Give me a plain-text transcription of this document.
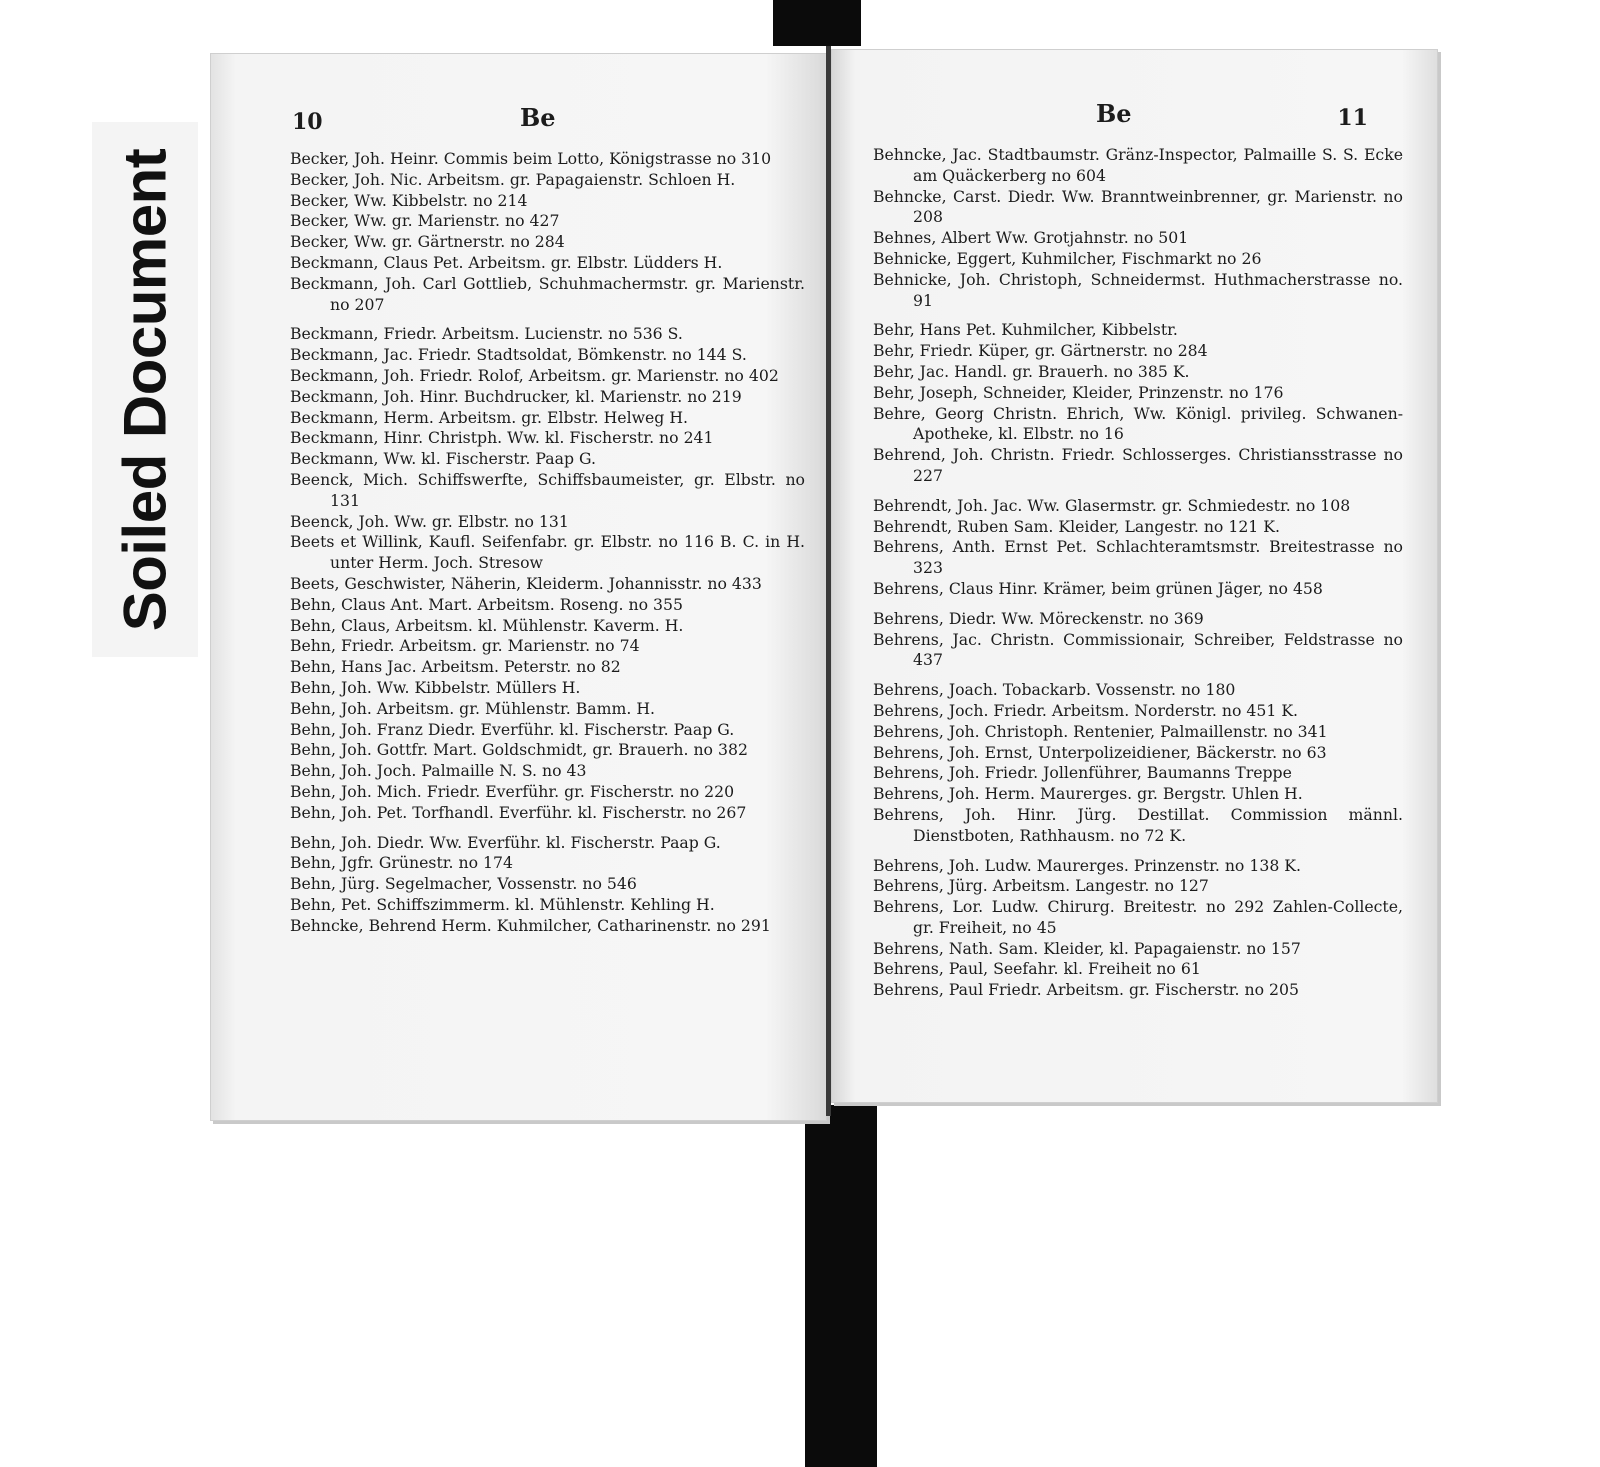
Soiled Document
10	Be
Becker, Joh. Heinr. Commis beim Lotto, Königstrasse no 310
Becker, Joh. Nic. Arbeitsm. gr. Papagaienstr. Schloen H.
Becker, Ww. Kibbelstr. no 214
Becker, Ww. gr. Marienstr. no 427
Becker, Ww. gr. Gärtnerstr. no 284
Beckmann, Claus Pet. Arbeitsm. gr. Elbstr. Lüdders H.
Beckmann, Joh. Carl Gottlieb, Schuhmachermstr. gr. Marienstr. no 207
Beckmann, Friedr. Arbeitsm. Lucienstr. no 536 S.
Beckmann, Jac. Friedr. Stadtsoldat, Bömkenstr. no 144 S.
Beckmann, Joh. Friedr. Rolof, Arbeitsm. gr. Marienstr. no 402
Beckmann, Joh. Hinr. Buchdrucker, kl. Marienstr. no 219
Beckmann, Herm. Arbeitsm. gr. Elbstr. Helweg H.
Beckmann, Hinr. Christph. Ww. kl. Fischerstr. no 241
Beckmann, Ww. kl. Fischerstr. Paap G.
Beenck, Mich. Schiffswerfte, Schiffsbaumeister, gr. Elbstr. no 131
Beenck, Joh. Ww. gr. Elbstr. no 131
Beets et Willink, Kaufl. Seifenfabr. gr. Elbstr. no 116 B. C. in H. unter Herm. Joch. Stresow
Beets, Geschwister, Näherin, Kleiderm. Johannisstr. no 433
Behn, Claus Ant. Mart. Arbeitsm. Roseng. no 355
Behn, Claus, Arbeitsm. kl. Mühlenstr. Kaverm. H.
Behn, Friedr. Arbeitsm. gr. Marienstr. no 74
Behn, Hans Jac. Arbeitsm. Peterstr. no 82
Behn, Joh. Ww. Kibbelstr. Müllers H.
Behn, Joh. Arbeitsm. gr. Mühlenstr. Bamm. H.
Behn, Joh. Franz Diedr. Everführ. kl. Fischerstr. Paap G.
Behn, Joh. Gottfr. Mart. Goldschmidt, gr. Brauerh. no 382
Behn, Joh. Joch. Palmaille N. S. no 43
Behn, Joh. Mich. Friedr. Everführ. gr. Fischerstr. no 220
Behn, Joh. Pet. Torfhandl. Everführ. kl. Fischerstr. no 267
Behn, Joh. Diedr. Ww. Everführ. kl. Fischerstr. Paap G.
Behn, Jgfr. Grünestr. no 174
Behn, Jürg. Segelmacher, Vossenstr. no 546
Behn, Pet. Schiffszimmerm. kl. Mühlenstr. Kehling H.
Behncke, Behrend Herm. Kuhmilcher, Catharinenstr. no 291
11
Be
Behncke, Jac. Stadtbaumstr. Gränz-Inspector, Palmaille S. S. Ecke am Quäckerberg no 604
Behncke, Carst. Diedr. Ww. Branntweinbrenner, gr. Marienstr. no 208
Behnes, Albert Ww. Grotjahnstr. no 501
Behnicke, Eggert, Kuhmilcher, Fischmarkt no 26
Behnicke, Joh. Christoph, Schneidermst. Huthmacherstrasse no. 91
Behr, Hans Pet. Kuhmilcher, Kibbelstr.
Behr, Friedr. Küper, gr. Gärtnerstr. no 284
Behr, Jac. Handl. gr. Brauerh. no 385 K.
Behr, Joseph, Schneider, Kleider, Prinzenstr. no 176
Behre, Georg Christn. Ehrich, Ww. Königl. privileg. Schwanen-Apotheke, kl. Elbstr. no 16
Behrend, Joh. Christn. Friedr. Schlosserges. Christiansstrasse no 227
Behrendt, Joh. Jac. Ww. Glasermstr. gr. Schmiedestr. no 108
Behrendt, Ruben Sam. Kleider, Langestr. no 121 K.
Behrens, Anth. Ernst Pet. Schlachteramtsmstr. Breitestrasse no 323
Behrens, Claus Hinr. Krämer, beim grünen Jäger, no 458
Behrens, Diedr. Ww. Möreckenstr. no 369
Behrens, Jac. Christn. Commissionair, Schreiber, Feldstrasse no 437
Behrens, Joach. Tobackarb. Vossenstr. no 180
Behrens, Joch. Friedr. Arbeitsm. Norderstr. no 451 K.
Behrens, Joh. Christoph. Rentenier, Palmaillenstr. no 341
Behrens, Joh. Ernst, Unterpolizeidiener, Bäckerstr. no 63
Behrens, Joh. Friedr. Jollenführer, Baumanns Treppe
Behrens, Joh. Herm. Maurerges. gr. Bergstr. Uhlen H.
Behrens, Joh. Hinr. Jürg. Destillat. Commission männl. Dienstboten, Rathhausm. no 72 K.
Behrens, Joh. Ludw. Maurerges. Prinzenstr. no 138 K.
Behrens, Jürg. Arbeitsm. Langestr. no 127
Behrens, Lor. Ludw. Chirurg. Breitestr. no 292 Zahlen-Collecte, gr. Freiheit, no 45
Behrens, Nath. Sam. Kleider, kl. Papagaienstr. no 157
Behrens, Paul, Seefahr. kl. Freiheit no 61
Behrens, Paul Friedr. Arbeitsm. gr. Fischerstr. no 205
